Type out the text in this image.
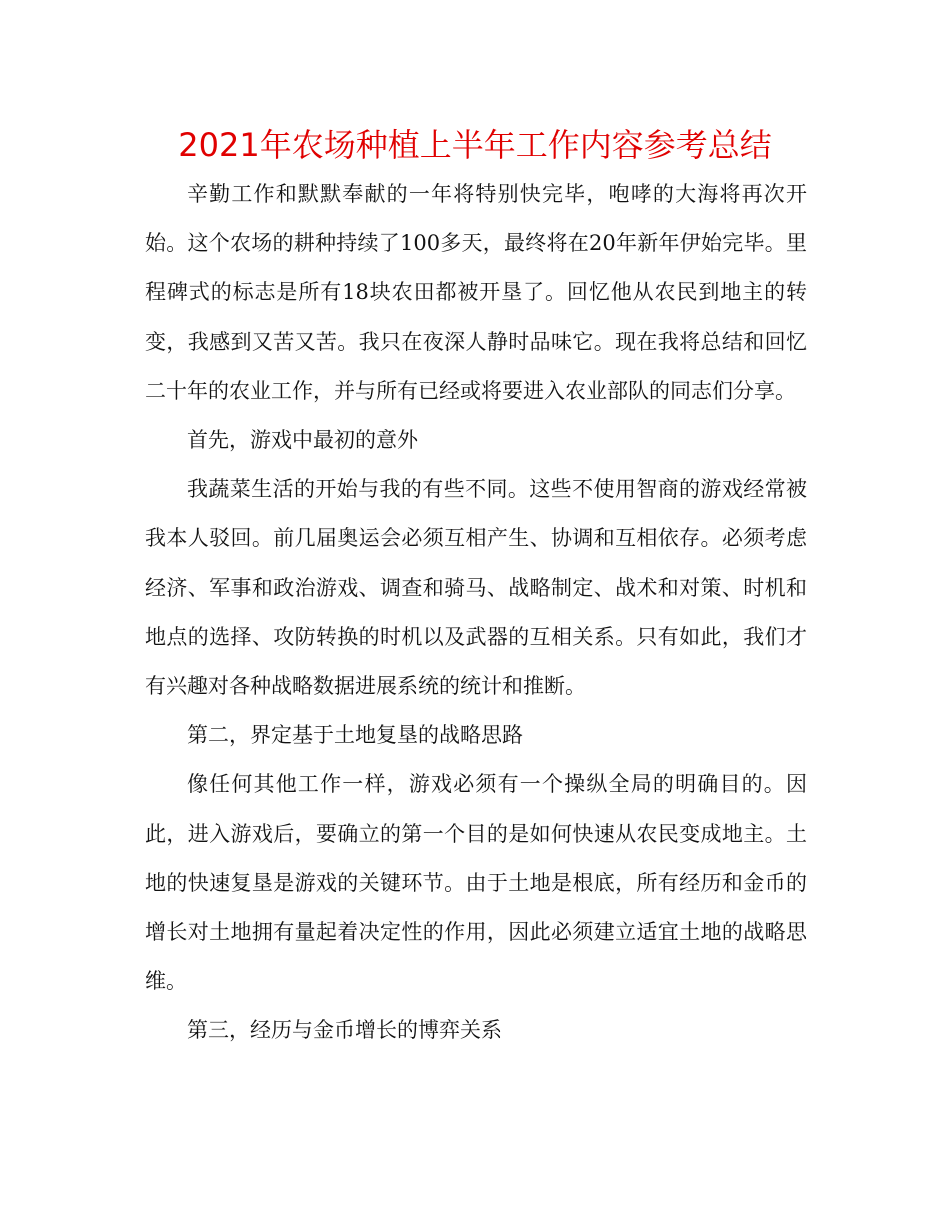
2021年农场种植上半年工作内容参考总结

辛勤工作和默默奉献的一年将特别快完毕，咆哮的大海将再次开始。这个农场的耕种持续了100多天，最终将在20年新年伊始完毕。里程碑式的标志是所有18块农田都被开垦了。回忆他从农民到地主的转变，我感到又苦又苦。我只在夜深人静时品味它。现在我将总结和回忆二十年的农业工作，并与所有已经或将要进入农业部队的同志们分享。

首先，游戏中最初的意外

我蔬菜生活的开始与我的有些不同。这些不使用智商的游戏经常被我本人驳回。前几届奥运会必须互相产生、协调和互相依存。必须考虑经济、军事和政治游戏、调查和骑马、战略制定、战术和对策、时机和地点的选择、攻防转换的时机以及武器的互相关系。只有如此，我们才有兴趣对各种战略数据进展系统的统计和推断。

第二，界定基于土地复垦的战略思路

像任何其他工作一样，游戏必须有一个操纵全局的明确目的。因此，进入游戏后，要确立的第一个目的是如何快速从农民变成地主。土地的快速复垦是游戏的关键环节。由于土地是根底，所有经历和金币的增长对土地拥有量起着决定性的作用，因此必须建立适宜土地的战略思维。

第三，经历与金币增长的博弈关系
